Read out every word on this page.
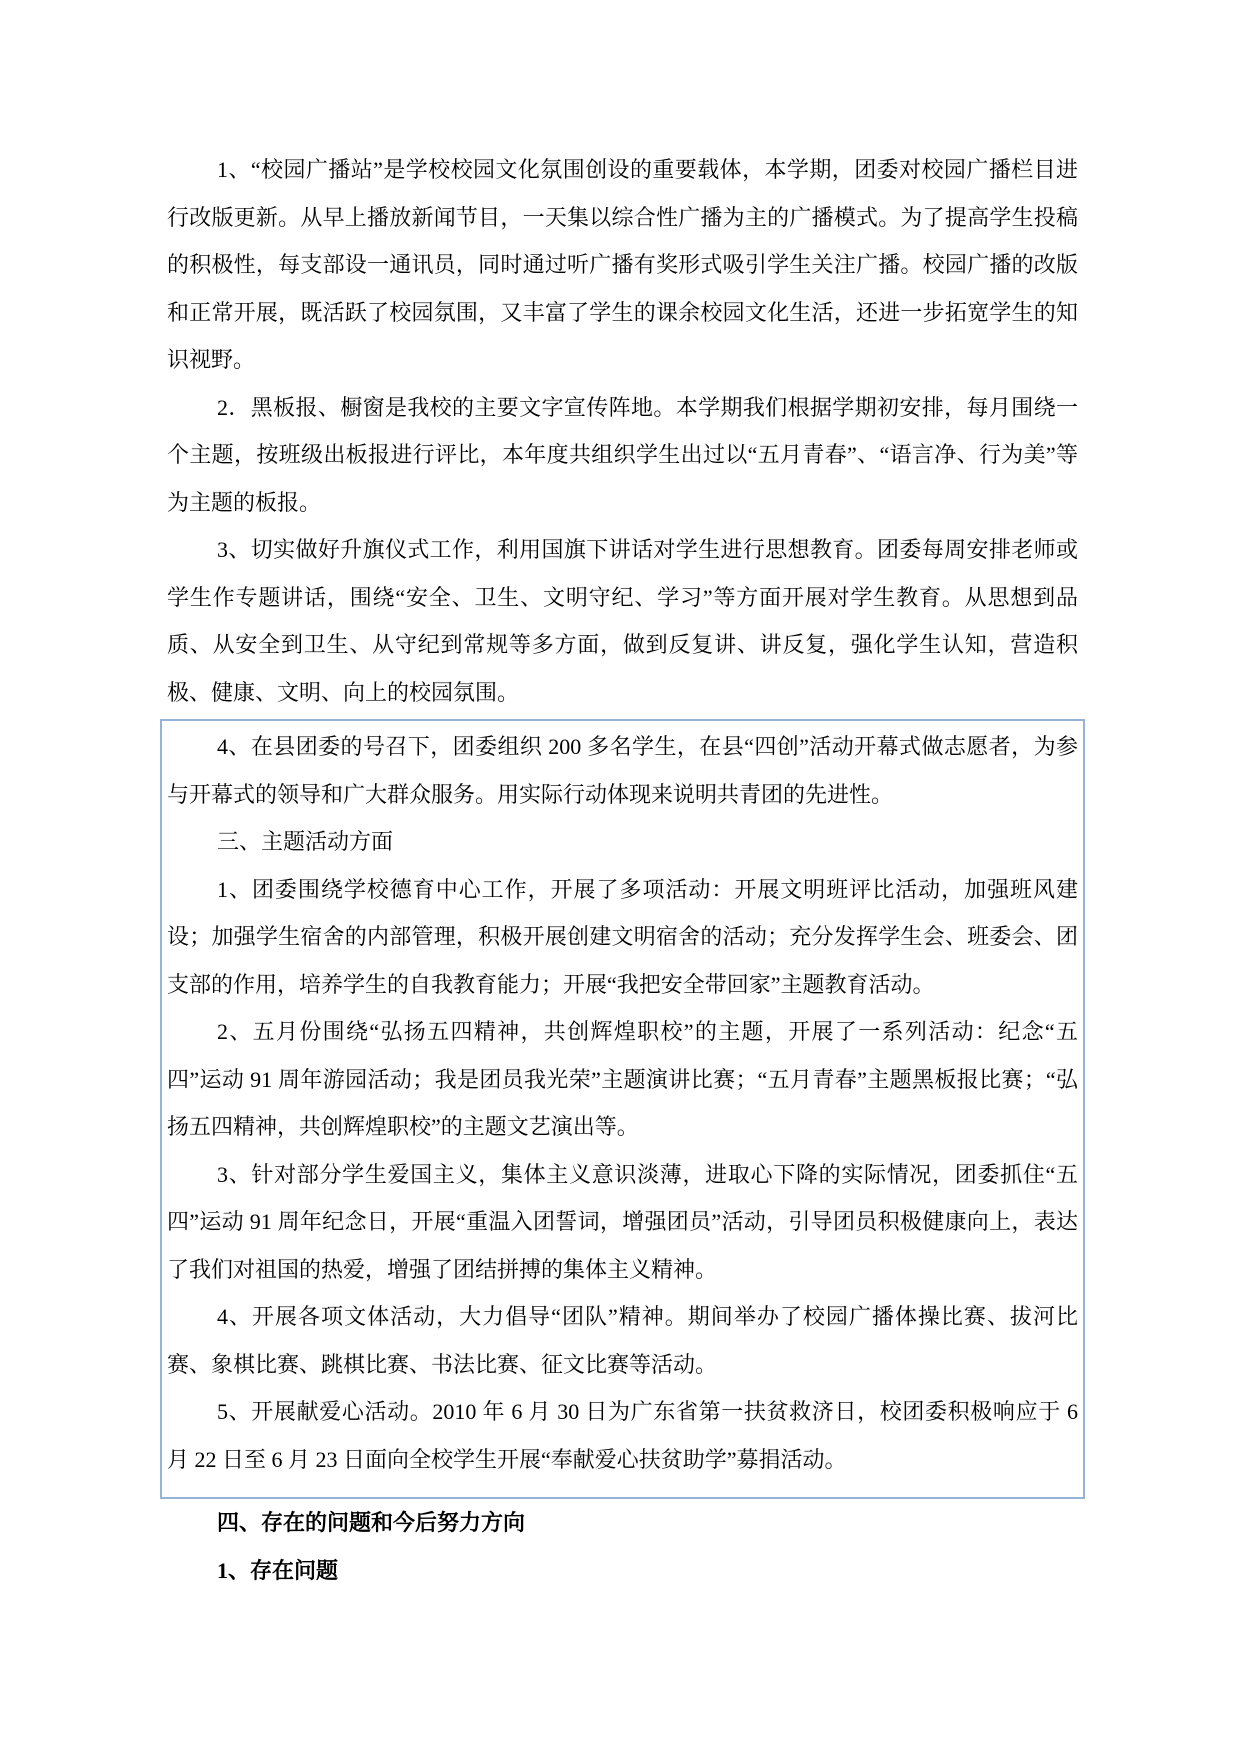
1、“校园广播站”是学校校园文化氛围创设的重要载体，本学期，团委对校园广播栏目进行改版更新。从早上播放新闻节目，一天集以综合性广播为主的广播模式。为了提高学生投稿的积极性，每支部设一通讯员，同时通过听广播有奖形式吸引学生关注广播。校园广播的改版和正常开展，既活跃了校园氛围，又丰富了学生的课余校园文化生活，还进一步拓宽学生的知识视野。

2．黑板报、橱窗是我校的主要文字宣传阵地。本学期我们根据学期初安排，每月围绕一个主题，按班级出板报进行评比，本年度共组织学生出过以“五月青春”、“语言净、行为美”等为主题的板报。

3、切实做好升旗仪式工作，利用国旗下讲话对学生进行思想教育。团委每周安排老师或学生作专题讲话，围绕“安全、卫生、文明守纪、学习”等方面开展对学生教育。从思想到品质、从安全到卫生、从守纪到常规等多方面，做到反复讲、讲反复，强化学生认知，营造积极、健康、文明、向上的校园氛围。

4、在县团委的号召下，团委组织 200 多名学生，在县“四创”活动开幕式做志愿者，为参与开幕式的领导和广大群众服务。用实际行动体现来说明共青团的先进性。

三、主题活动方面

1、团委围绕学校德育中心工作，开展了多项活动：开展文明班评比活动，加强班风建设；加强学生宿舍的内部管理，积极开展创建文明宿舍的活动；充分发挥学生会、班委会、团支部的作用，培养学生的自我教育能力；开展“我把安全带回家”主题教育活动。

2、五月份围绕“弘扬五四精神，共创辉煌职校”的主题，开展了一系列活动：纪念“五四”运动 91 周年游园活动；我是团员我光荣”主题演讲比赛；“五月青春”主题黑板报比赛；“弘扬五四精神，共创辉煌职校”的主题文艺演出等。

3、针对部分学生爱国主义，集体主义意识淡薄，进取心下降的实际情况，团委抓住“五四”运动 91 周年纪念日，开展“重温入团誓词，增强团员”活动，引导团员积极健康向上，表达了我们对祖国的热爱，增强了团结拼搏的集体主义精神。

4、开展各项文体活动，大力倡导“团队”精神。期间举办了校园广播体操比赛、拔河比赛、象棋比赛、跳棋比赛、书法比赛、征文比赛等活动。

5、开展献爱心活动。2010 年 6 月 30 日为广东省第一扶贫救济日，校团委积极响应于 6 月 22 日至 6 月 23 日面向全校学生开展“奉献爱心扶贫助学”募捐活动。

四、存在的问题和今后努力方向

1、存在问题
